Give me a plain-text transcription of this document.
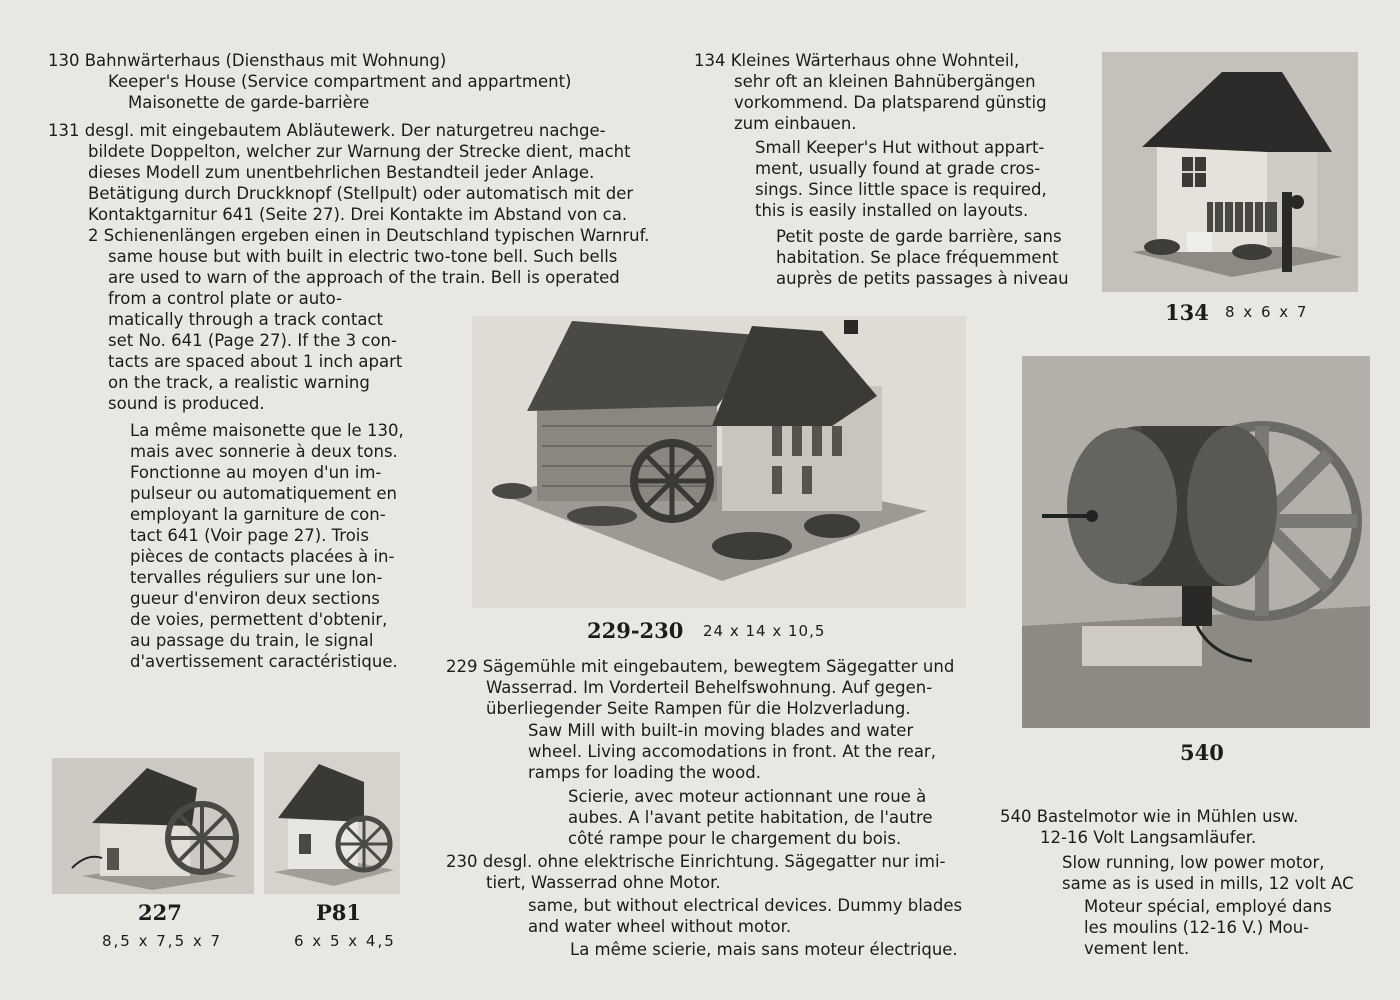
130 Bahnwärterhaus (Diensthaus mit Wohnung)
Keeper's House (Service compartment and appartment)
Maisonette de garde-barrière
131 desgl. mit eingebautem Abläutewerk. Der naturgetreu nachge-
bildete Doppelton, welcher zur Warnung der Strecke dient, macht
dieses Modell zum unentbehrlichen Bestandteil jeder Anlage.
Betätigung durch Druckknopf (Stellpult) oder automatisch mit der
Kontaktgarnitur 641 (Seite 27). Drei Kontakte im Abstand von ca.
2 Schienenlängen ergeben einen in Deutschland typischen Warnruf.
same house but with built in electric two-tone bell. Such bells
are used to warn of the approach of the train. Bell is operated
from a control plate or auto-
matically through a track contact
set No. 641 (Page 27). If the 3 con-
tacts are spaced about 1 inch apart
on the track, a realistic warning
sound is produced.
La même maisonette que le 130,
mais avec sonnerie à deux tons.
Fonctionne au moyen d'un im-
pulseur ou automatiquement en
employant la garniture de con-
tact 641 (Voir page 27). Trois
pièces de contacts placées à in-
tervalles réguliers sur une lon-
gueur d'environ deux sections
de voies, permettent d'obtenir,
au passage du train, le signal
d'avertissement caractéristique.
134 Kleines Wärterhaus ohne Wohnteil,
sehr oft an kleinen Bahnübergängen
vorkommend. Da platsparend günstig
zum einbauen.
Small Keeper's Hut without appart-
ment, usually found at grade cros-
sings. Since little space is required,
this is easily installed on layouts.
Petit poste de garde barrière, sans
habitation. Se place fréquemment
auprès de petits passages à niveau
134 8 x 6 x 7
229-230 24 x 14 x 10,5
229 Sägemühle mit eingebautem, bewegtem Sägegatter und
Wasserrad. Im Vorderteil Behelfswohnung. Auf gegen-
überliegender Seite Rampen für die Holzverladung.
Saw Mill with built-in moving blades and water
wheel. Living accomodations in front. At the rear,
ramps for loading the wood.
Scierie, avec moteur actionnant une roue à
aubes. A l'avant petite habitation, de l'autre
côté rampe pour le chargement du bois.
230 desgl. ohne elektrische Einrichtung. Sägegatter nur imi-
tiert, Wasserrad ohne Motor.
same, but without electrical devices. Dummy blades
and water wheel without motor.
La même scierie, mais sans moteur électrique.
540
540 Bastelmotor wie in Mühlen usw.
12-16 Volt Langsamläufer.
Slow running, low power motor,
same as is used in mills, 12 volt AC
Moteur spécial, employé dans
les moulins (12-16 V.) Mou-
vement lent.
227
8,5 x 7,5 x 7
P81
6 x 5 x 4,5
